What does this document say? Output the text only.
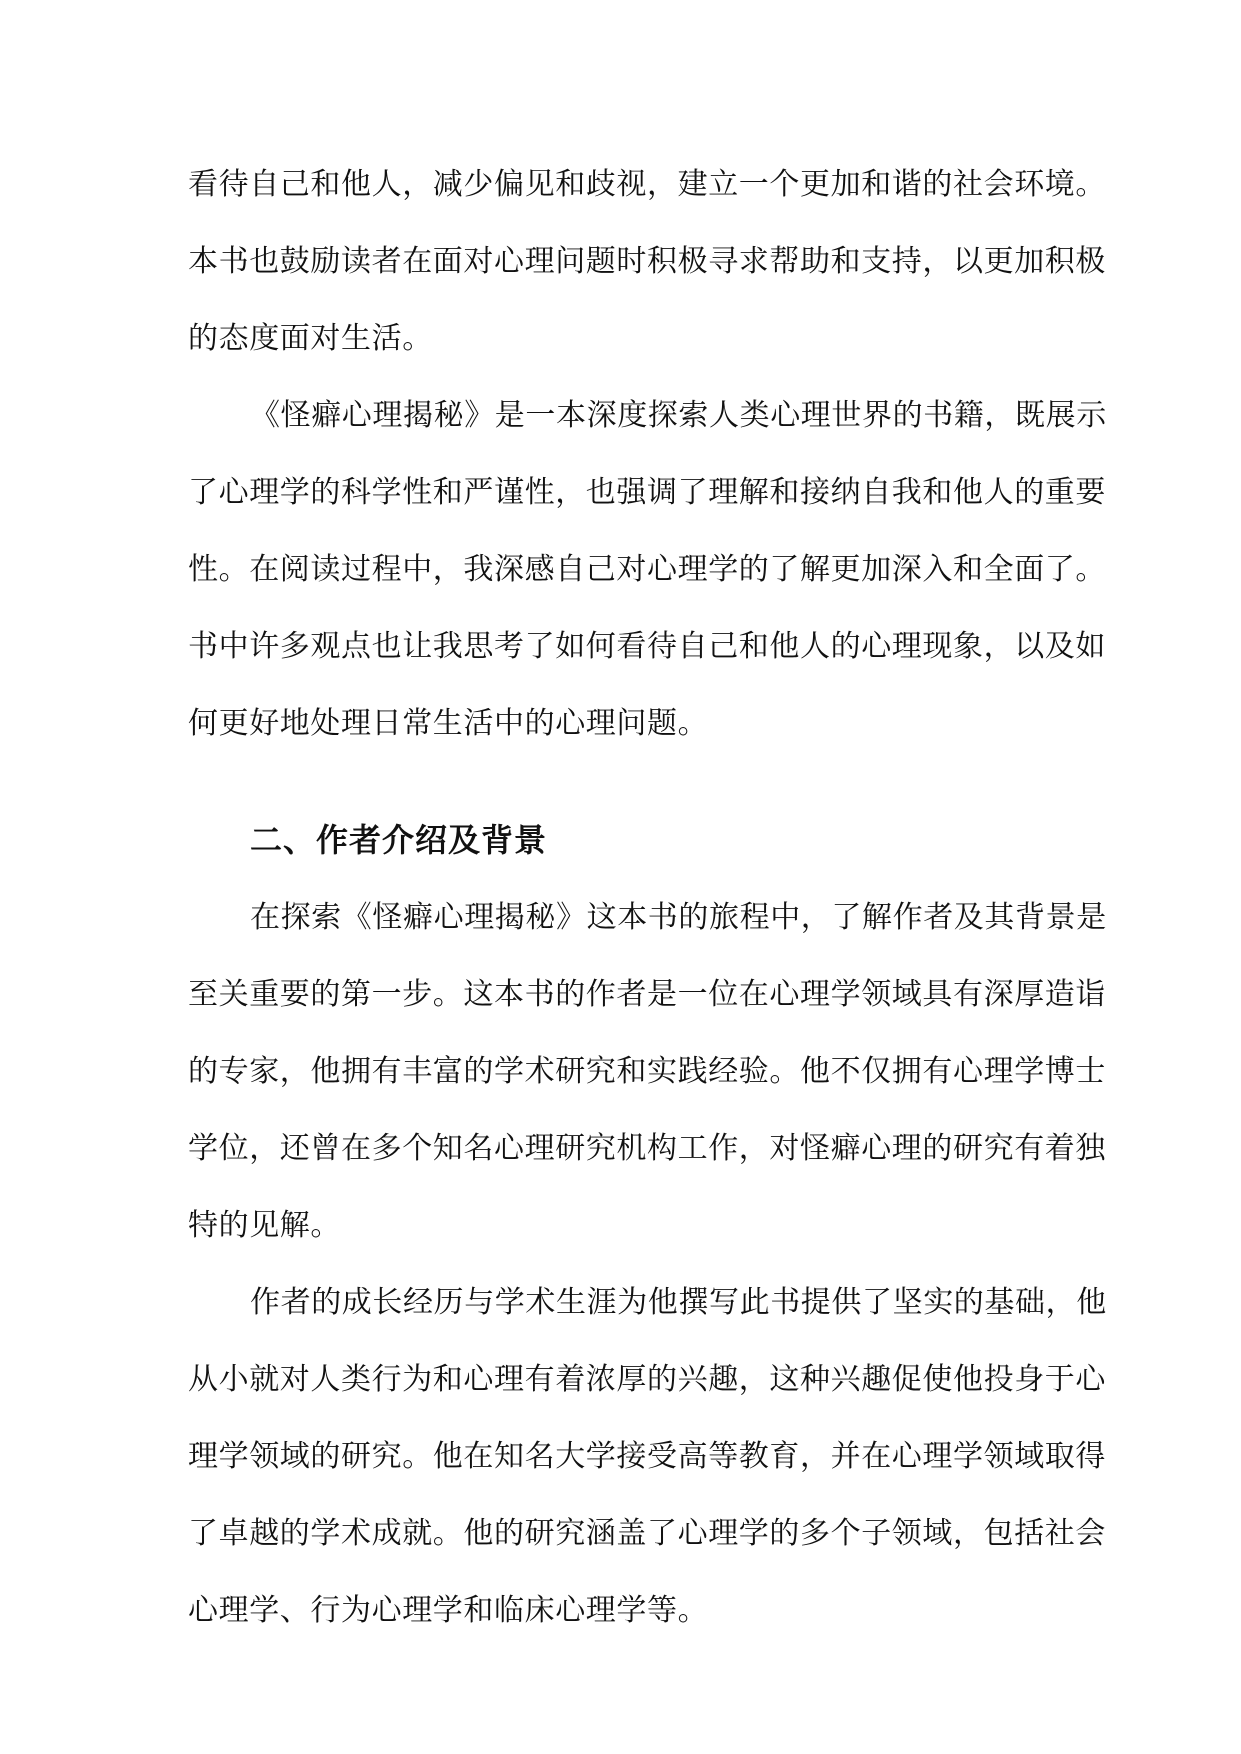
看待自己和他人，减少偏见和歧视，建立一个更加和谐的社会环境。
本书也鼓励读者在面对心理问题时积极寻求帮助和支持，以更加积极
的态度面对生活。
《怪癖心理揭秘》是一本深度探索人类心理世界的书籍，既展示
了心理学的科学性和严谨性，也强调了理解和接纳自我和他人的重要
性。在阅读过程中，我深感自己对心理学的了解更加深入和全面了。
书中许多观点也让我思考了如何看待自己和他人的心理现象，以及如
何更好地处理日常生活中的心理问题。
二、作者介绍及背景
在探索《怪癖心理揭秘》这本书的旅程中，了解作者及其背景是
至关重要的第一步。这本书的作者是一位在心理学领域具有深厚造诣
的专家，他拥有丰富的学术研究和实践经验。他不仅拥有心理学博士
学位，还曾在多个知名心理研究机构工作，对怪癖心理的研究有着独
特的见解。
作者的成长经历与学术生涯为他撰写此书提供了坚实的基础，他
从小就对人类行为和心理有着浓厚的兴趣，这种兴趣促使他投身于心
理学领域的研究。他在知名大学接受高等教育，并在心理学领域取得
了卓越的学术成就。他的研究涵盖了心理学的多个子领域，包括社会
心理学、行为心理学和临床心理学等。
